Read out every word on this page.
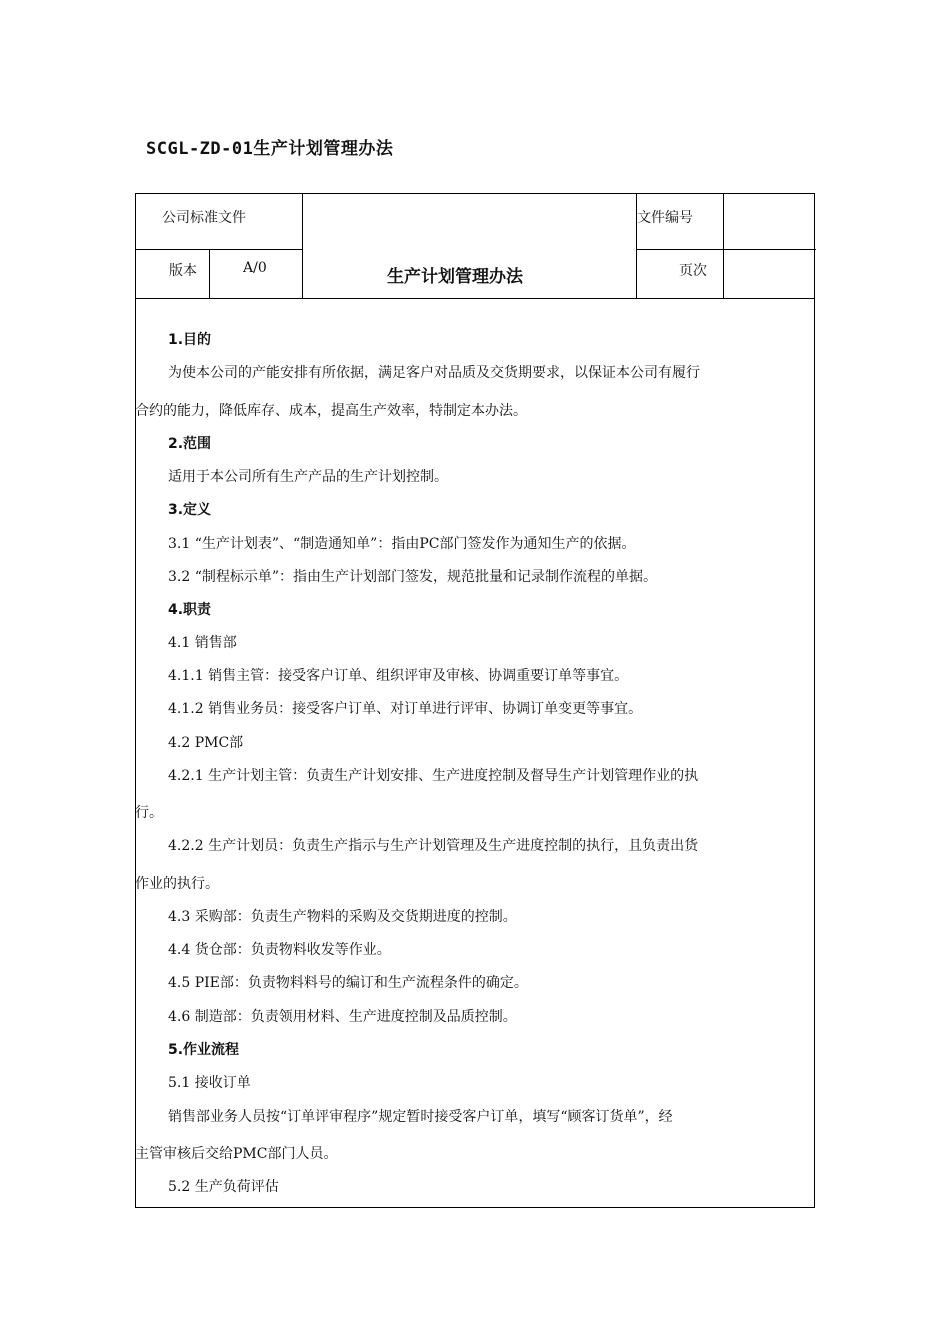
SCGL-ZD-01生产计划管理办法
公司标准文件	文件编号
版本	A/0	页次
生产计划管理办法
1.目的
为使本公司的产能安排有所依据，满足客户对品质及交货期要求，以保证本公司有履行
合约的能力，降低库存、成本，提高生产效率，特制定本办法。
2.范围
适用于本公司所有生产产品的生产计划控制。
3.定义
3.1 “生产计划表”、“制造通知单”：指由PC部门签发作为通知生产的依据。
3.2 “制程标示单”：指由生产计划部门签发，规范批量和记录制作流程的单据。
4.职责
4.1 销售部
4.1.1 销售主管：接受客户订单、组织评审及审核、协调重要订单等事宜。
4.1.2 销售业务员：接受客户订单、对订单进行评审、协调订单变更等事宜。
4.2 PMC部
4.2.1 生产计划主管：负责生产计划安排、生产进度控制及督导生产计划管理作业的执
行。
4.2.2 生产计划员：负责生产指示与生产计划管理及生产进度控制的执行，且负责出货
作业的执行。
4.3 采购部：负责生产物料的采购及交货期进度的控制。
4.4 货仓部：负责物料收发等作业。
4.5 PIE部：负责物料料号的编订和生产流程条件的确定。
4.6 制造部：负责领用材料、生产进度控制及品质控制。
5.作业流程
5.1 接收订单
销售部业务人员按“订单评审程序”规定暂时接受客户订单，填写“顾客订货单”，经
主管审核后交给PMC部门人员。
5.2 生产负荷评估
